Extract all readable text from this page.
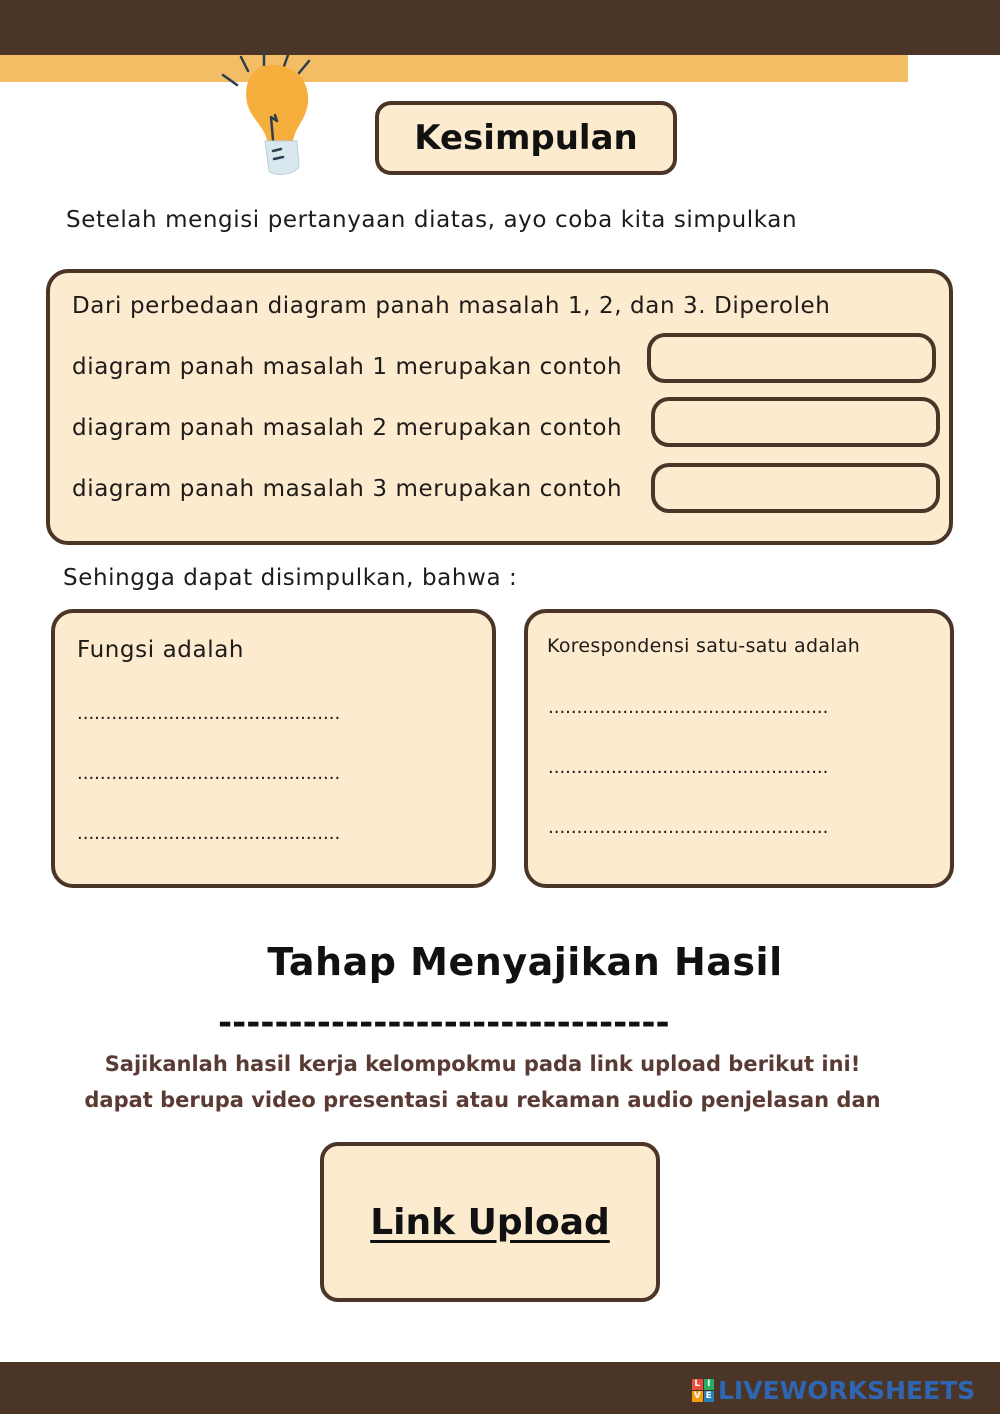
Kesimpulan
Setelah mengisi pertanyaan diatas, ayo coba kita simpulkan
Dari perbedaan diagram panah masalah 1, 2, dan 3. Diperoleh
diagram panah masalah 1 merupakan contoh
diagram panah masalah 2 merupakan contoh
diagram panah masalah 3 merupakan contoh
Sehingga dapat disimpulkan, bahwa :
Fungsi adalah
..............................................
..............................................
..............................................
Korespondensi satu-satu adalah
.................................................
.................................................
.................................................
Tahap Menyajikan Hasil
--------------------------------
Sajikanlah hasil kerja kelompokmu pada link upload berikut ini!
dapat berupa video presentasi atau rekaman audio penjelasan dan
Link Upload
L I
V E LIVEWORKSHEETS
